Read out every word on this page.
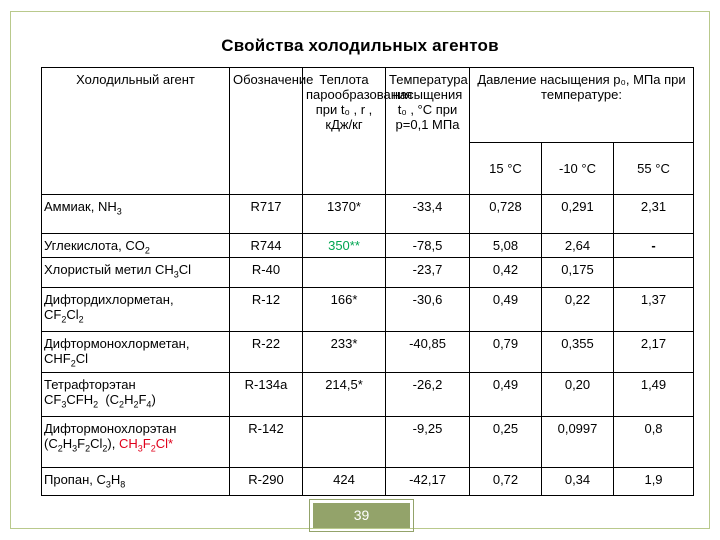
Свойства холодильных агентов
Холодильный агент	Обозначение	Теплота парообразования при t₀ , r , кДж/кг	Температура насыщения t₀ , °С при p=0,1 МПа	Давление насыщения p₀, МПа при температуре:		
				15 °С	-10 °С	55 °С
Аммиак, $NH_3$	R717	1370*	-33,4	0,728	0,291	2,31
Углекислота, $CO_2$	R744	350**	-78,5	5,08	2,64	-
Хлористый метил $CH_3Cl$	R-40		-23,7	0,42	0,175	
Дифтордихлорметан,
$CF_2Cl_2$	R-12	166*	-30,6	0,49	0,22	1,37
Дифтормонохлорметан,
$CHF_2Cl$	R-22	233*	-40,85	0,79	0,355	2,17
Тетрафторэтан
$CF_3CFH_2$  $(C_2H_2F_4)$	R-134a	214,5*	-26,2	0,49	0,20	1,49
Дифтормонохлорэтан
$(C_2H_3F_2Cl_2)$, $CH_3F_2Cl*$	R-142		-9,25	0,25	0,0997	0,8
Пропан, $C_3H_8$	R-290	424	-42,17	0,72	0,34	1,9
39
